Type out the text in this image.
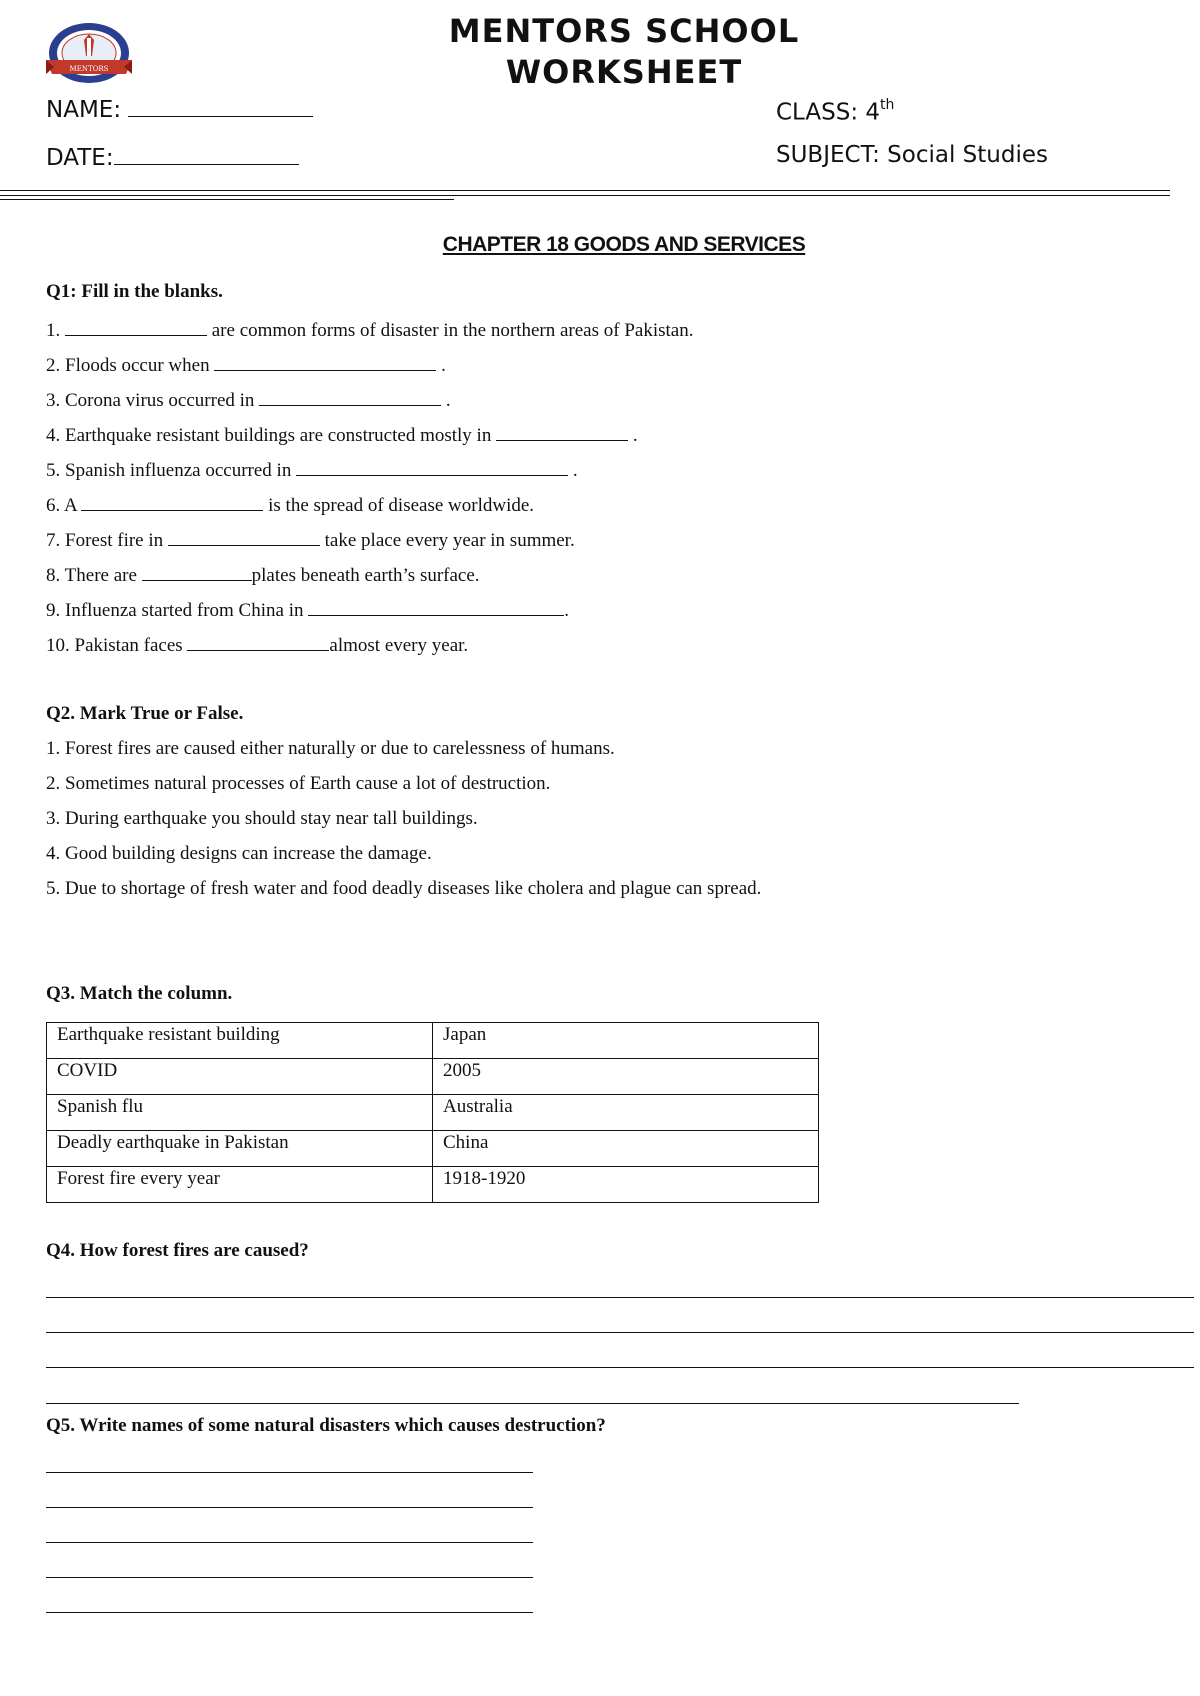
MENTORS
MENTORS SCHOOL
WORKSHEET
NAME:
DATE:
CLASS: 4th
SUBJECT: Social Studies
CHAPTER 18 GOODS AND SERVICES
Q1: Fill in the blanks.
1.	are common forms of disaster in the northern areas of Pakistan.
2. Floods occur when	.
3. Corona virus occurred in	.
4. Earthquake resistant buildings are constructed mostly in	.
5. Spanish influenza occurred in	.
6. A	is the spread of disease worldwide.
7. Forest fire in	take place every year in summer.
8. There are	plates beneath earth’s surface.
9. Influenza started from China in	.
10. Pakistan faces	almost every year.
Q2. Mark True or False.
1. Forest fires are caused either naturally or due to carelessness of humans.
2. Sometimes natural processes of Earth cause a lot of destruction.
3. During earthquake you should stay near tall buildings.
4. Good building designs can increase the damage.
5. Due to shortage of fresh water and food deadly diseases like cholera and plague can spread.
Q3. Match the column.
Earthquake resistant building	Japan
COVID	2005
Spanish flu	Australia
Deadly earthquake in Pakistan	China
Forest fire every year	1918-1920
Q4. How forest fires are caused?
Q5. Write names of some natural disasters which causes destruction?
